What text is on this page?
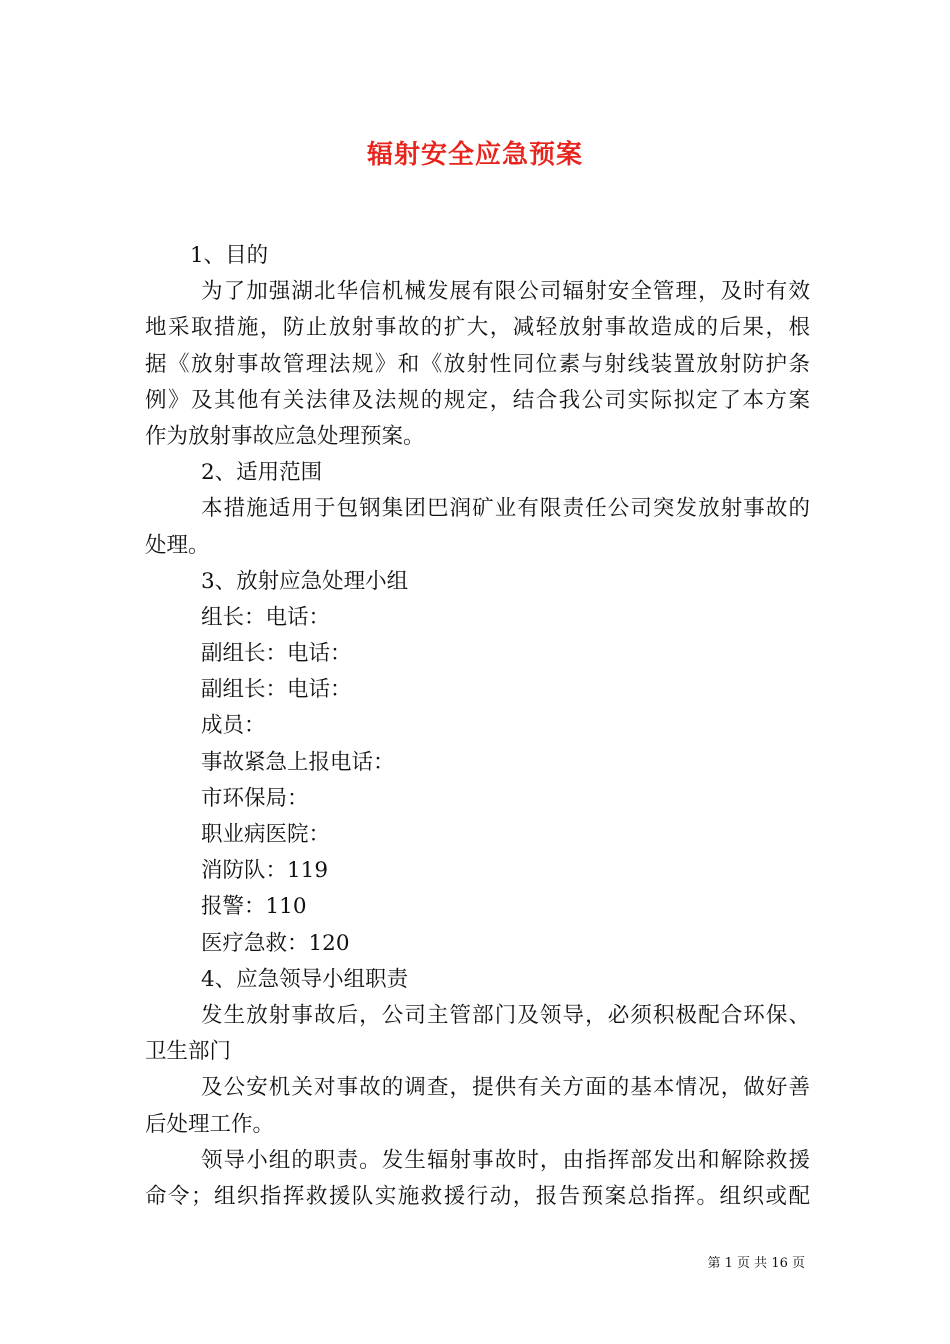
辐射安全应急预案
1、目的
为了加强湖北华信机械发展有限公司辐射安全管理，及时有效
地采取措施，防止放射事故的扩大，减轻放射事故造成的后果，根
据《放射事故管理法规》和《放射性同位素与射线装置放射防护条
例》及其他有关法律及法规的规定，结合我公司实际拟定了本方案
作为放射事故应急处理预案。
2、适用范围
本措施适用于包钢集团巴润矿业有限责任公司突发放射事故的
处理。
3、放射应急处理小组
组长：电话：
副组长：电话：
副组长：电话：
成员：
事故紧急上报电话：
市环保局：
职业病医院：
消防队：119
报警：110
医疗急救：120
4、应急领导小组职责
发生放射事故后，公司主管部门及领导，必须积极配合环保、
卫生部门
及公安机关对事故的调查，提供有关方面的基本情况，做好善
后处理工作。
领导小组的职责。发生辐射事故时，由指挥部发出和解除救援
命令；组织指挥救援队实施救援行动，报告预案总指挥。组织或配
第 1 页 共 16 页
